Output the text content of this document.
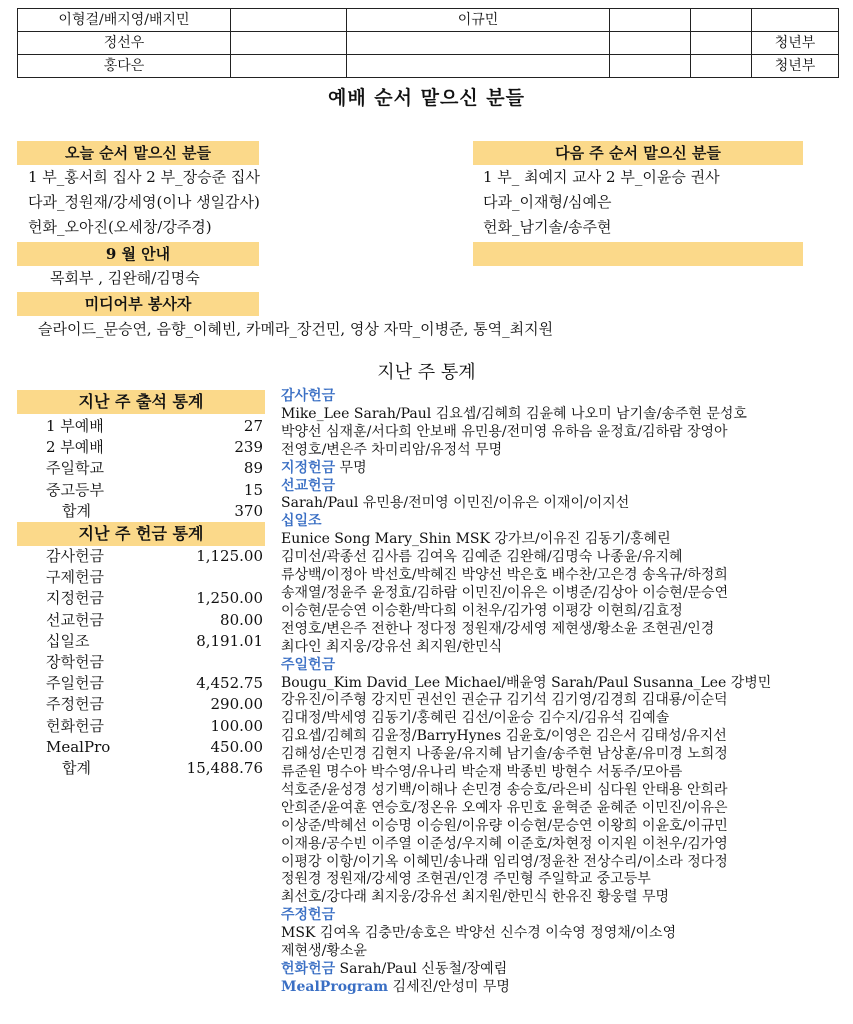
이형걸/배지영/배지민		이규민			
정선우					청년부
홍다은					청년부
예배 순서 맡으신 분들
오늘 순서 맡으신 분들
1 부_홍서희 집사 2 부_장승준 집사
다과_정원재/강세영(이나 생일감사)
헌화_오아진(오세창/강주경)
다음 주 순서 맡으신 분들
1 부_ 최예지 교사 2 부_이윤승 권사
다과_이재형/심예은
헌화_남기솔/송주현
9 월 안내
목회부 , 김완해/김명숙
미디어부 봉사자
슬라이드_문승연, 음향_이혜빈, 카메라_장건민, 영상 자막_이병준, 통역_최지원
지난 주 통계
지난 주 출석 통계
1 부예배	27
2 부예배	239
주일학교	89
중고등부	15
합계	370
지난 주 헌금 통계
감사헌금	1,125.00
구제헌금
지정헌금	1,250.00
선교헌금	80.00
십일조	8,191.01
장학헌금
주일헌금	4,452.75
주정헌금	290.00
헌화헌금	100.00
MealPro	450.00
합계	15,488.76
감사헌금
Mike_Lee Sarah/Paul 김요셉/김혜희 김윤혜 나오미 남기솔/송주현 문성호
박양선 심재훈/서다희 안보배 유민용/전미영 유하음 윤정효/김하람 장영아
전영호/변은주 차미리암/유정석 무명
지정헌금 무명
선교헌금
Sarah/Paul 유민용/전미영 이민진/이유은 이재이/이지선
십일조
Eunice Song Mary_Shin MSK 강가브/이유진 김동기/홍혜린
김미선/곽종선 김사름 김여옥 김예준 김완해/김명숙 나종윤/유지혜
류상백/이정아 박선호/박혜진 박양선 박은호 배수찬/고은경 송옥규/하정희
송재열/정윤주 윤정효/김하람 이민진/이유은 이병준/김상아 이승현/문승연
이승현/문승연 이승환/박다희 이천우/김가영 이평강 이현희/김효정
전영호/변은주 전한나 정다정 정원재/강세영 제현생/황소윤 조현권/인경
최다인 최지웅/강유선 최지원/한민식
주일헌금
Bougu_Kim David_Lee Michael/배윤영 Sarah/Paul Susanna_Lee 강병민
강유진/이주형 강지민 권선인 권순규 김기석 김기영/김경희 김대룡/이순덕
김대정/박세영 김동기/홍혜린 김선/이윤승 김수지/김유석 김예솔
김요셉/김혜희 김윤정/BarryHynes 김윤호/이영은 김은서 김태성/유지선
김해성/손민경 김현지 나종윤/유지혜 남기솔/송주현 남상훈/유미경 노희정
류준원 명수아 박수영/유나리 박순재 박종빈 방현수 서동주/모아름
석호준/윤성경 성기백/이해나 손민경 송승호/라은비 심다원 안태용 안희라
안희준/윤여훈 연승호/정온유 오예자 유민호 윤혁준 윤혜준 이민진/이유은
이상준/박혜선 이승명 이승원/이유량 이승현/문승연 이왕희 이윤호/이규민
이재용/공수빈 이주열 이준성/우지혜 이준호/차현정 이지원 이천우/김가영
이평강 이항/이기옥 이혜민/송나래 임리영/정윤찬 전상수리/이소라 정다정
정원경 정원재/강세영 조현권/인경 주민형 주일학교 중고등부
최선호/강다래 최지웅/강유선 최지원/한민식 한유진 황웅렬 무명
주정헌금
MSK 김여옥 김충만/송호은 박양선 신수경 이숙영 정영채/이소영
제현생/황소윤
헌화헌금 Sarah/Paul 신동철/장예림
MealProgram 김세진/안성미 무명
